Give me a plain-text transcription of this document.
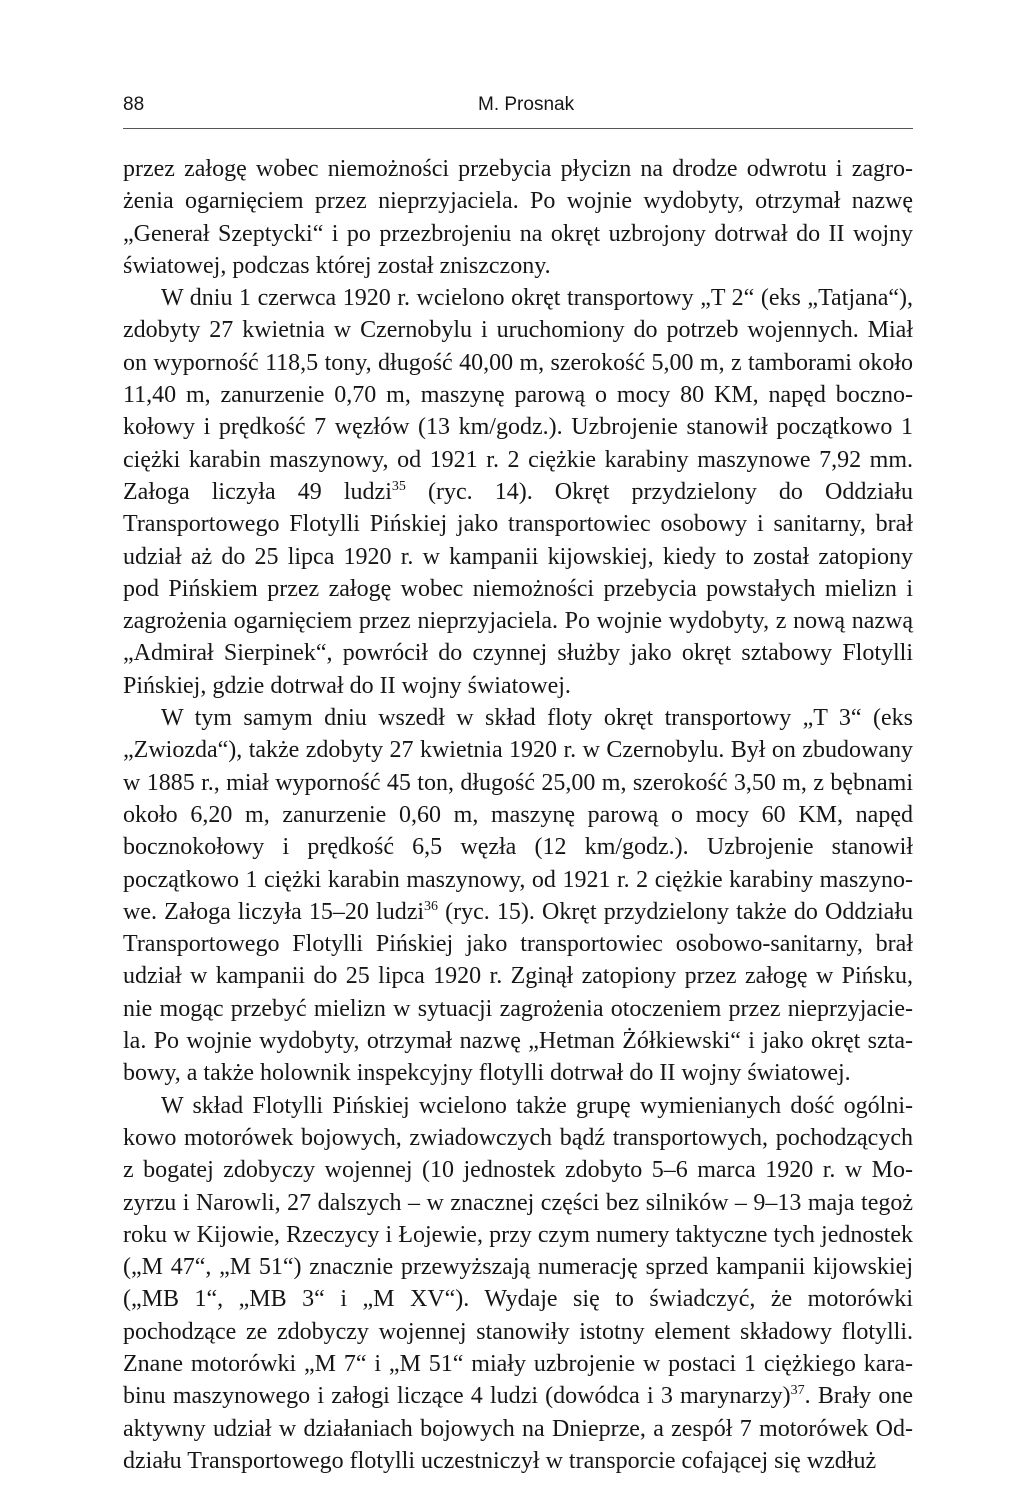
88	M. Prosnak

przez załogę wobec niemożności przebycia płycizn na drodze odwrotu i zagrożenia ogarnięciem przez nieprzyjaciela. Po wojnie wydobyty, otrzymał nazwę „Generał Szeptycki“ i po przezbrojeniu na okręt uzbrojony dotrwał do II wojny światowej, podczas której został zniszczony.

W dniu 1 czerwca 1920 r. wcielono okręt transportowy „T 2“ (eks „Tatjana“), zdobyty 27 kwietnia w Czernobylu i uruchomiony do potrzeb wojennych. Miał on wyporność 118,5 tony, długość 40,00 m, szerokość 5,00 m, z tamborami około 11,40 m, zanurzenie 0,70 m, maszynę parową o mocy 80 KM, napęd bocznokołowy i prędkość 7 węzłów (13 km/godz.). Uzbrojenie stanowił początkowo 1 ciężki karabin maszynowy, od 1921 r. 2 ciężkie karabiny maszynowe 7,92 mm. Załoga liczyła 49 ludzi$^{35}$ (ryc. 14). Okręt przydzielony do Oddziału Transportowego Flotylli Pińskiej jako transportowiec osobowy i sanitarny, brał udział aż do 25 lipca 1920 r. w kampanii kijowskiej, kiedy to został zatopiony pod Pińskiem przez załogę wobec niemożności przebycia powstałych mielizn i zagrożenia ogarnięciem przez nieprzyjaciela. Po wojnie wydobyty, z nową nazwą „Admirał Sierpinek“, powrócił do czynnej służby jako okręt sztabowy Flotylli Pińskiej, gdzie dotrwał do II wojny światowej.

W tym samym dniu wszedł w skład floty okręt transportowy „T 3“ (eks „Zwiozda“), także zdobyty 27 kwietnia 1920 r. w Czernobylu. Był on zbudowany w 1885 r., miał wyporność 45 ton, długość 25,00 m, szerokość 3,50 m, z bębnami około 6,20 m, zanurzenie 0,60 m, maszynę parową o mocy 60 KM, napęd bocznokołowy i prędkość 6,5 węzła (12 km/godz.). Uzbrojenie stanowił początkowo 1 ciężki karabin maszynowy, od 1921 r. 2 ciężkie karabiny maszynowe. Załoga liczyła 15–20 ludzi$^{36}$ (ryc. 15). Okręt przydzielony także do Oddziału Transportowego Flotylli Pińskiej jako transportowiec osobowo-sanitarny, brał udział w kampanii do 25 lipca 1920 r. Zginął zatopiony przez załogę w Pińsku, nie mogąc przebyć mielizn w sytuacji zagrożenia otoczeniem przez nieprzyjaciela. Po wojnie wydobyty, otrzymał nazwę „Hetman Żółkiewski“ i jako okręt sztabowy, a także holownik inspekcyjny flotylli dotrwał do II wojny światowej.

W skład Flotylli Pińskiej wcielono także grupę wymienianych dość ogólnikowo motorówek bojowych, zwiadowczych bądź transportowych, pochodzących z bogatej zdobyczy wojennej (10 jednostek zdobyto 5–6 marca 1920 r. w Mozyrzu i Narowli, 27 dalszych – w znacznej części bez silników – 9–13 maja tegoż roku w Kijowie, Rzeczycy i Łojewie, przy czym numery taktyczne tych jednostek („M 47“, „M 51“) znacznie przewyższają numerację sprzed kampanii kijowskiej („MB 1“, „MB 3“ i „M XV“). Wydaje się to świadczyć, że motorówki pochodzące ze zdobyczy wojennej stanowiły istotny element składowy flotylli. Znane motorówki „M 7“ i „M 51“ miały uzbrojenie w postaci 1 ciężkiego karabinu maszynowego i załogi liczące 4 ludzi (dowódca i 3 marynarzy)$^{37}$. Brały one aktywny udział w działaniach bojowych na Dnieprze, a zespół 7 motorówek Oddziału Transportowego flotylli uczestniczył w transporcie cofającej się wzdłuż
